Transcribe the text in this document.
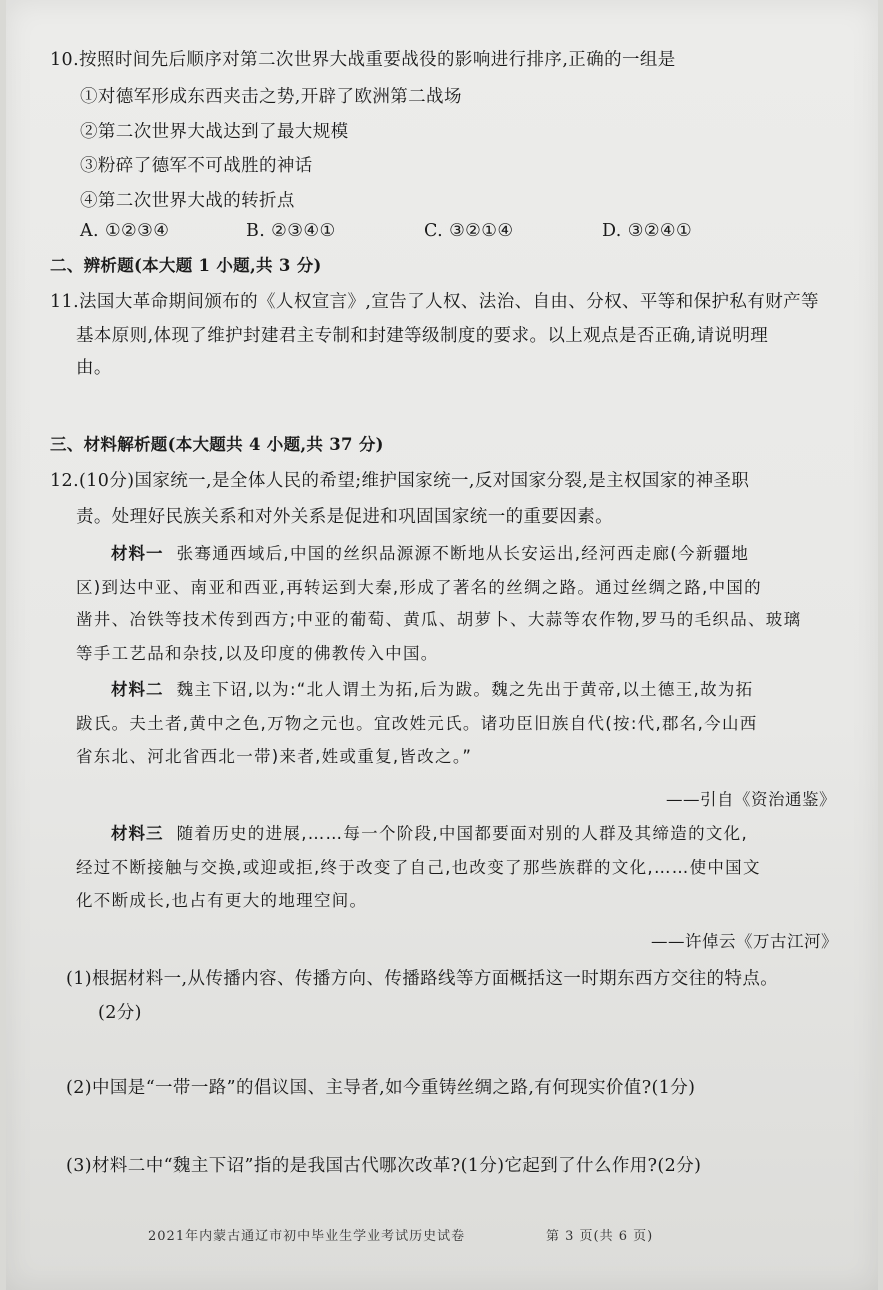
10.按照时间先后顺序对第二次世界大战重要战役的影响进行排序,正确的一组是
①对德军形成东西夹击之势,开辟了欧洲第二战场
②第二次世界大战达到了最大规模
③粉碎了德军不可战胜的神话
④第二次世界大战的转折点
A. ①②③④	B. ②③④①	C. ③②①④	D. ③②④①
二、辨析题(本大题 1 小题,共 3 分)
11.法国大革命期间颁布的《人权宣言》,宣告了人权、法治、自由、分权、平等和保护私有财产等
基本原则,体现了维护封建君主专制和封建等级制度的要求。以上观点是否正确,请说明理
由。
三、材料解析题(本大题共 4 小题,共 37 分)
12.(10分)国家统一,是全体人民的希望;维护国家统一,反对国家分裂,是主权国家的神圣职
责。处理好民族关系和对外关系是促进和巩固国家统一的重要因素。
材料一 张骞通西域后,中国的丝织品源源不断地从长安运出,经河西走廊(今新疆地
区)到达中亚、南亚和西亚,再转运到大秦,形成了著名的丝绸之路。通过丝绸之路,中国的
凿井、冶铁等技术传到西方;中亚的葡萄、黄瓜、胡萝卜、大蒜等农作物,罗马的毛织品、玻璃
等手工艺品和杂技,以及印度的佛教传入中国。
材料二 魏主下诏,以为:“北人谓土为拓,后为跋。魏之先出于黄帝,以土德王,故为拓
跋氏。夫土者,黄中之色,万物之元也。宜改姓元氏。诸功臣旧族自代(按:代,郡名,今山西
省东北、河北省西北一带)来者,姓或重复,皆改之。”
——引自《资治通鉴》
材料三 随着历史的进展,……每一个阶段,中国都要面对别的人群及其缔造的文化,
经过不断接触与交换,或迎或拒,终于改变了自己,也改变了那些族群的文化,……使中国文
化不断成长,也占有更大的地理空间。
——许倬云《万古江河》
(1)根据材料一,从传播内容、传播方向、传播路线等方面概括这一时期东西方交往的特点。
(2分)
(2)中国是“一带一路”的倡议国、主导者,如今重铸丝绸之路,有何现实价值?(1分)
(3)材料二中“魏主下诏”指的是我国古代哪次改革?(1分)它起到了什么作用?(2分)
2021年内蒙古通辽市初中毕业生学业考试历史试卷	第 3 页(共 6 页)
